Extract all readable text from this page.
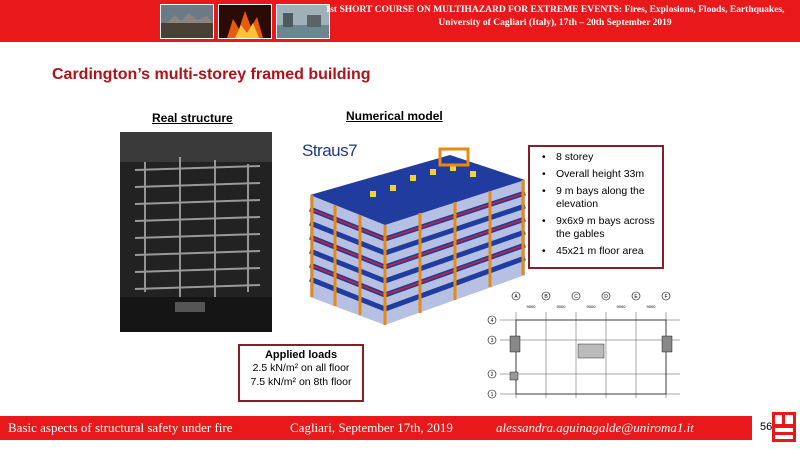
1st SHORT COURSE ON MULTIHAZARD FOR EXTREME EVENTS: Fires, Explosions, Floods, Earthquakes,
University of Cagliari (Italy), 17th – 20th September 2019
Cardington’s multi-storey framed building
Real structure	Numerical model
Straus7
•	8 storey
• Overall height 33m
• 9 m bays along the elevation
• 9x6x9 m bays across the gables
• 45x21 m floor area
Applied loads
2.5 kN/m² on all floor
7.5 kN/m² on 8th floor
A	B	C	D	E	F
9000	9000	9000	9000	9000
4
3
2
1
Basic aspects of structural safety under fire	Cagliari, September 17th, 2019	alessandra.aguinagalde@uniroma1.it	56
